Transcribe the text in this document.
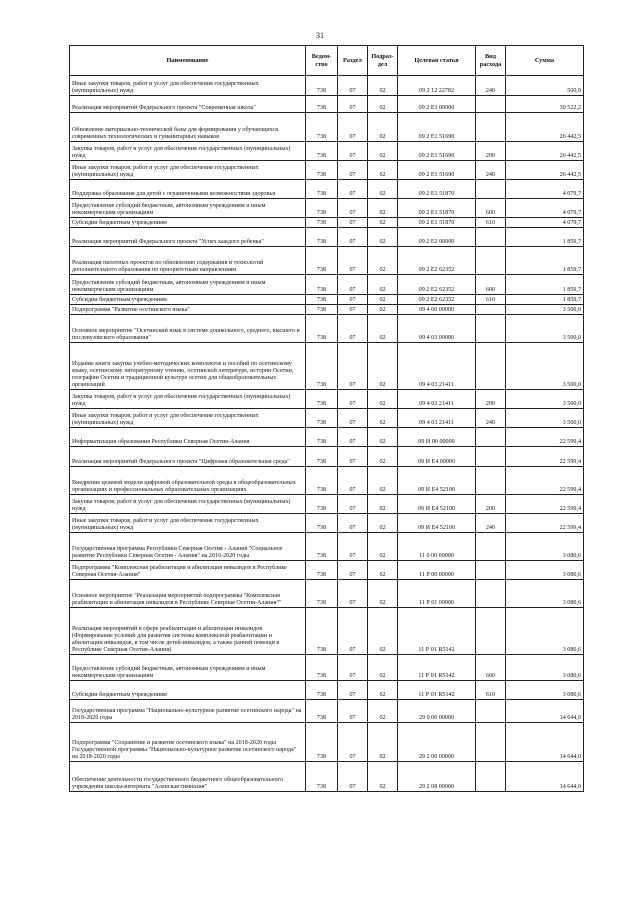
31
Наименование	Ведом-ство	Раздел	Подраз-дел	Целевая статья	Вид расхода	Сумма
Иные закупки товаров, работ и услуг для обеспечения государственных (муниципальных) нужд	738	07	02	09 2 12 22782	240	500,0
Реализация мероприятий Федерального проекта "Современная школа"	738	07	02	09 2 E1 00000		30 522,2
Обновление материально-технической базы для формирования у обучающихся современных технологических и гуманитарных навыков	738	07	02	09 2 E1 51690		26 442,5
Закупка товаров, работ и услуг для обеспечения государственных (муниципальных) нужд	738	07	02	09 2 E1 51690	200	26 442,5
Иные закупки товаров, работ и услуг для обеспечения государственных (муниципальных) нужд	738	07	02	09 2 E1 51690	240	26 442,5
Поддержка образования для детей с ограниченными возможностями здоровья	738	07	02	09 2 E1 51870		4 079,7
Предоставление субсидий бюджетным, автономным учреждениям и иным некоммерческим организациям	738	07	02	09 2 E1 51870	600	4 079,7
Субсидии бюджетным учреждениям	738	07	02	09 2 E1 51870	610	4 079,7
Реализация мероприятий Федерального проекта "Успех каждого ребенка"	738	07	02	09 2 E2 00000		1 859,7
Реализация пилотных проектов по обновлению содержания и технологий дополнительного образования по приоритетным направлениям	738	07	02	09 2 E2 62352		1 859,7
Предоставление субсидий бюджетным, автономным учреждениям и иным некоммерческим организациям	738	07	02	09 2 E2 62352	600	1 859,7
Субсидии бюджетным учреждениям	738	07	02	09 2 E2 62352	610	1 859,7
Подпрограмма "Развитие осетинского языка"	738	07	02	09 4 00 00000		3 500,0
Основное мероприятие "Осетинский язык в системе дошкольного, среднего, высшего и послевузовского образования"	738	07	02	09 4 03 00000		3 500,0
Издание книги закупка учебно-методических комплектов и пособий по осетинскому языку, осетинскому литературному чтению, осетинской литературе, истории Осетии, географии Осетии и традиционной культуре осетин для общеобразовательных организаций	738	07	02	09 4 03 21411		3 500,0
Закупка товаров, работ и услуг для обеспечения государственных (муниципальных) нужд	738	07	02	09 4 03 21411	200	3 500,0
Иные закупки товаров, работ и услуг для обеспечения государственных (муниципальных) нужд	738	07	02	09 4 03 21411	240	3 500,0
Информатизация образования Республики Северная Осетия-Алания	738	07	02	09 И 00 00000		22 599,4
Реализация мероприятий Федерального проекта "Цифровая образовательная среда"	738	07	02	09 И E4 00000		22 599,4
Внедрение целевой модели цифровой образовательной среды в общеобразовательных организациях и профессиональных образовательных организациях	738	07	02	09 И E4 52100		22 599,4
Закупка товаров, работ и услуг для обеспечения государственных (муниципальных) нужд	738	07	02	09 И E4 52100	200	22 599,4
Иные закупки товаров, работ и услуг для обеспечения государственных (муниципальных) нужд	738	07	02	09 И E4 52100	240	22 599,4
Государственная программа Республики Северная Осетия - Алания "Социальное развитие Республики Северная Осетия - Алания" на 2016-2020 годы	738	07	02	11 0 00 00000		3 080,6
Подпрограмма "Комплексная реабилитация и абилитация инвалидов в Республике Северная Осетия-Алания"	738	07	02	11 Р 00 00000		3 080,6
Основное мероприятие "Реализация мероприятий подпрограммы "Комплексная реабилитация и абилитация инвалидов в Республике Северная Осетия-Алания""	738	07	02	11 Р 01 00000		3 080,6
Реализация мероприятий в сфере реабилитации и абилитации инвалидов (Формирование условий для развития системы комплексной реабилитации и абилитации инвалидов, в том числе детей-инвалидов, а также ранней помощи в Республике Северная Осетия-Алания)	738	07	02	11 Р 01 R5142		3 080,6
Предоставление субсидий бюджетным, автономным учреждениям и иным некоммерческим организациям	738	07	02	11 Р 01 R5142	600	3 080,6
Субсидии бюджетным учреждениям	738	07	02	11 Р 01 R5142	610	3 080,6
Государственная программа "Национально-культурное развитие осетинского народа" на 2018-2020 годы	738	07	02	29 0 00 00000		14 644,0
Подпрограмма "Сохранение и развитие осетинского языка" на 2018-2020 годы Государственной программы "Национально-культурное развитие осетинского народа" на 2018-2020 годы	738	07	02	29 2 00 00000		14 644,0
Обеспечение деятельности государственного бюджетного общеобразовательного учреждения школы-интерната "Аланская гимназия"	738	07	02	29 2 08 00000		14 644,0
